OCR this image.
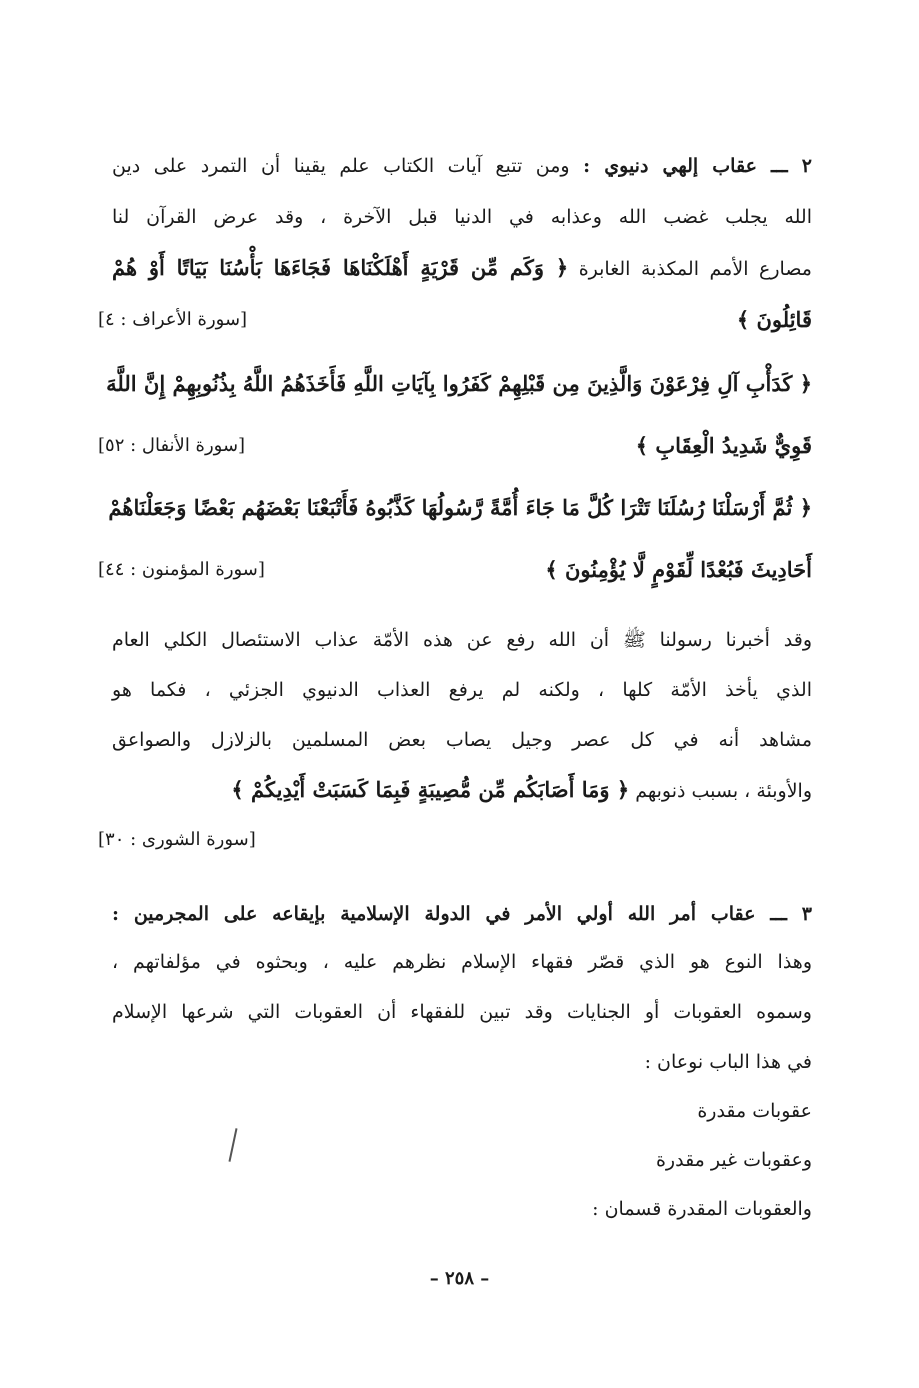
٢ ـــ عقاب إلهي دنيوي : ومن تتبع آيات الكتاب علم يقينا أن التمرد على دين
الله يجلب غضب الله وعذابه في الدنيا قبل الآخرة ، وقد عرض القرآن لنا
مصارع الأمم المكذبة الغابرة ﴿ وَكَم مِّن قَرْيَةٍ أَهْلَكْنَاهَا فَجَاءَهَا بَأْسُنَا بَيَاتًا أَوْ هُمْ
قَائِلُونَ ﴾
[سورة الأعراف : ٤]
﴿ كَدَأْبِ آلِ فِرْعَوْنَ وَالَّذِينَ مِن قَبْلِهِمْ كَفَرُوا بِآيَاتِ اللَّهِ فَأَخَذَهُمُ اللَّهُ بِذُنُوبِهِمْ إِنَّ اللَّهَ
قَوِيٌّ شَدِيدُ الْعِقَابِ ﴾
[سورة الأنفال : ٥٢]
﴿ ثُمَّ أَرْسَلْنَا رُسُلَنَا تَتْرَا كُلَّ مَا جَاءَ أُمَّةً رَّسُولُهَا كَذَّبُوهُ فَأَتْبَعْنَا بَعْضَهُم بَعْضًا وَجَعَلْنَاهُمْ
أَحَادِيثَ فَبُعْدًا لِّقَوْمٍ لَّا يُؤْمِنُونَ ﴾
[سورة المؤمنون : ٤٤]
وقد أخبرنا رسولنا ﷺ أن الله رفع عن هذه الأمّة عذاب الاستئصال الكلي العام
الذي يأخذ الأمّة كلها ، ولكنه لم يرفع العذاب الدنيوي الجزئي ، فكما هو
مشاهد أنه في كل عصر وجيل يصاب بعض المسلمين بالزلازل والصواعق
والأوبئة ، بسبب ذنوبهم ﴿ وَمَا أَصَابَكُم مِّن مُّصِيبَةٍ فَبِمَا كَسَبَتْ أَيْدِيكُمْ ﴾
[سورة الشورى : ٣٠]
٣ ـــ عقاب أمر الله أولي الأمر في الدولة الإسلامية بإيقاعه على المجرمين :
وهذا النوع هو الذي قصّر فقهاء الإسلام نظرهم عليه ، وبحثوه في مؤلفاتهم ،
وسموه العقوبات أو الجنايات وقد تبين للفقهاء أن العقوبات التي شرعها الإسلام
في هذا الباب نوعان :
عقوبات مقدرة
وعقوبات غير مقدرة
والعقوبات المقدرة قسمان :
– ٢٥٨ –
